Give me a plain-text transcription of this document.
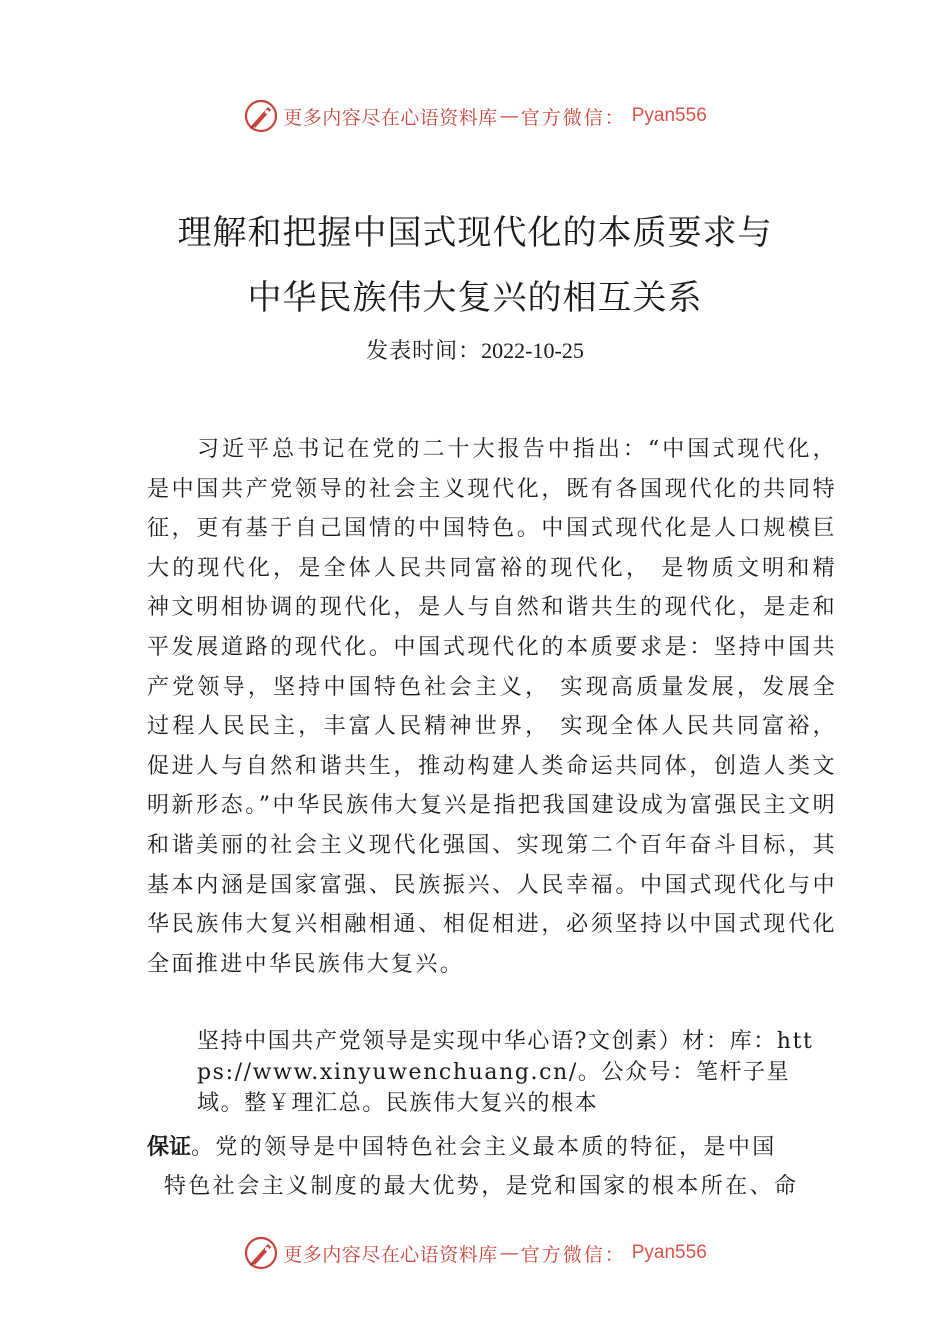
更多内容尽在心语资料库 — 官方微信： Pyan556
理解和把握中国式现代化的本质要求与
中华民族伟大复兴的相互关系
发表时间：2022-10-25

习近平总书记在党的二十大报告中指出：“中国式现代化，是中国共产党领导的社会主义现代化，既有各国现代化的共同特征，更有基于自己国情的中国特色。中国式现代化是人口规模巨大的现代化，是全体人民共同富裕的现代化， 是物质文明和精神文明相协调的现代化，是人与自然和谐共生的现代化，是走和平发展道路的现代化。中国式现代化的本质要求是：坚持中国共产党领导，坚持中国特色社会主义， 实现高质量发展，发展全过程人民民主，丰富人民精神世界， 实现全体人民共同富裕，促进人与自然和谐共生，推动构建人类命运共同体，创造人类文明新形态。”中华民族伟大复兴是指把我国建设成为富强民主文明和谐美丽的社会主义现代化强国、实现第二个百年奋斗目标，其基本内涵是国家富强、民族振兴、人民幸福。中国式现代化与中华民族伟大复兴相融相通、相促相进，必须坚持以中国式现代化全面推进中华民族伟大复兴。

坚持中国共产党领导是实现中华心语?文创素）材：库：https://www.xinyuwenchuang.cn/。公众号：笔杆子星域。整￥理汇总。民族伟大复兴的根本

保证。党的领导是中国特色社会主义最本质的特征，是中国
特色社会主义制度的最大优势，是党和国家的根本所在、命

更多内容尽在心语资料库 — 官方微信： Pyan556
